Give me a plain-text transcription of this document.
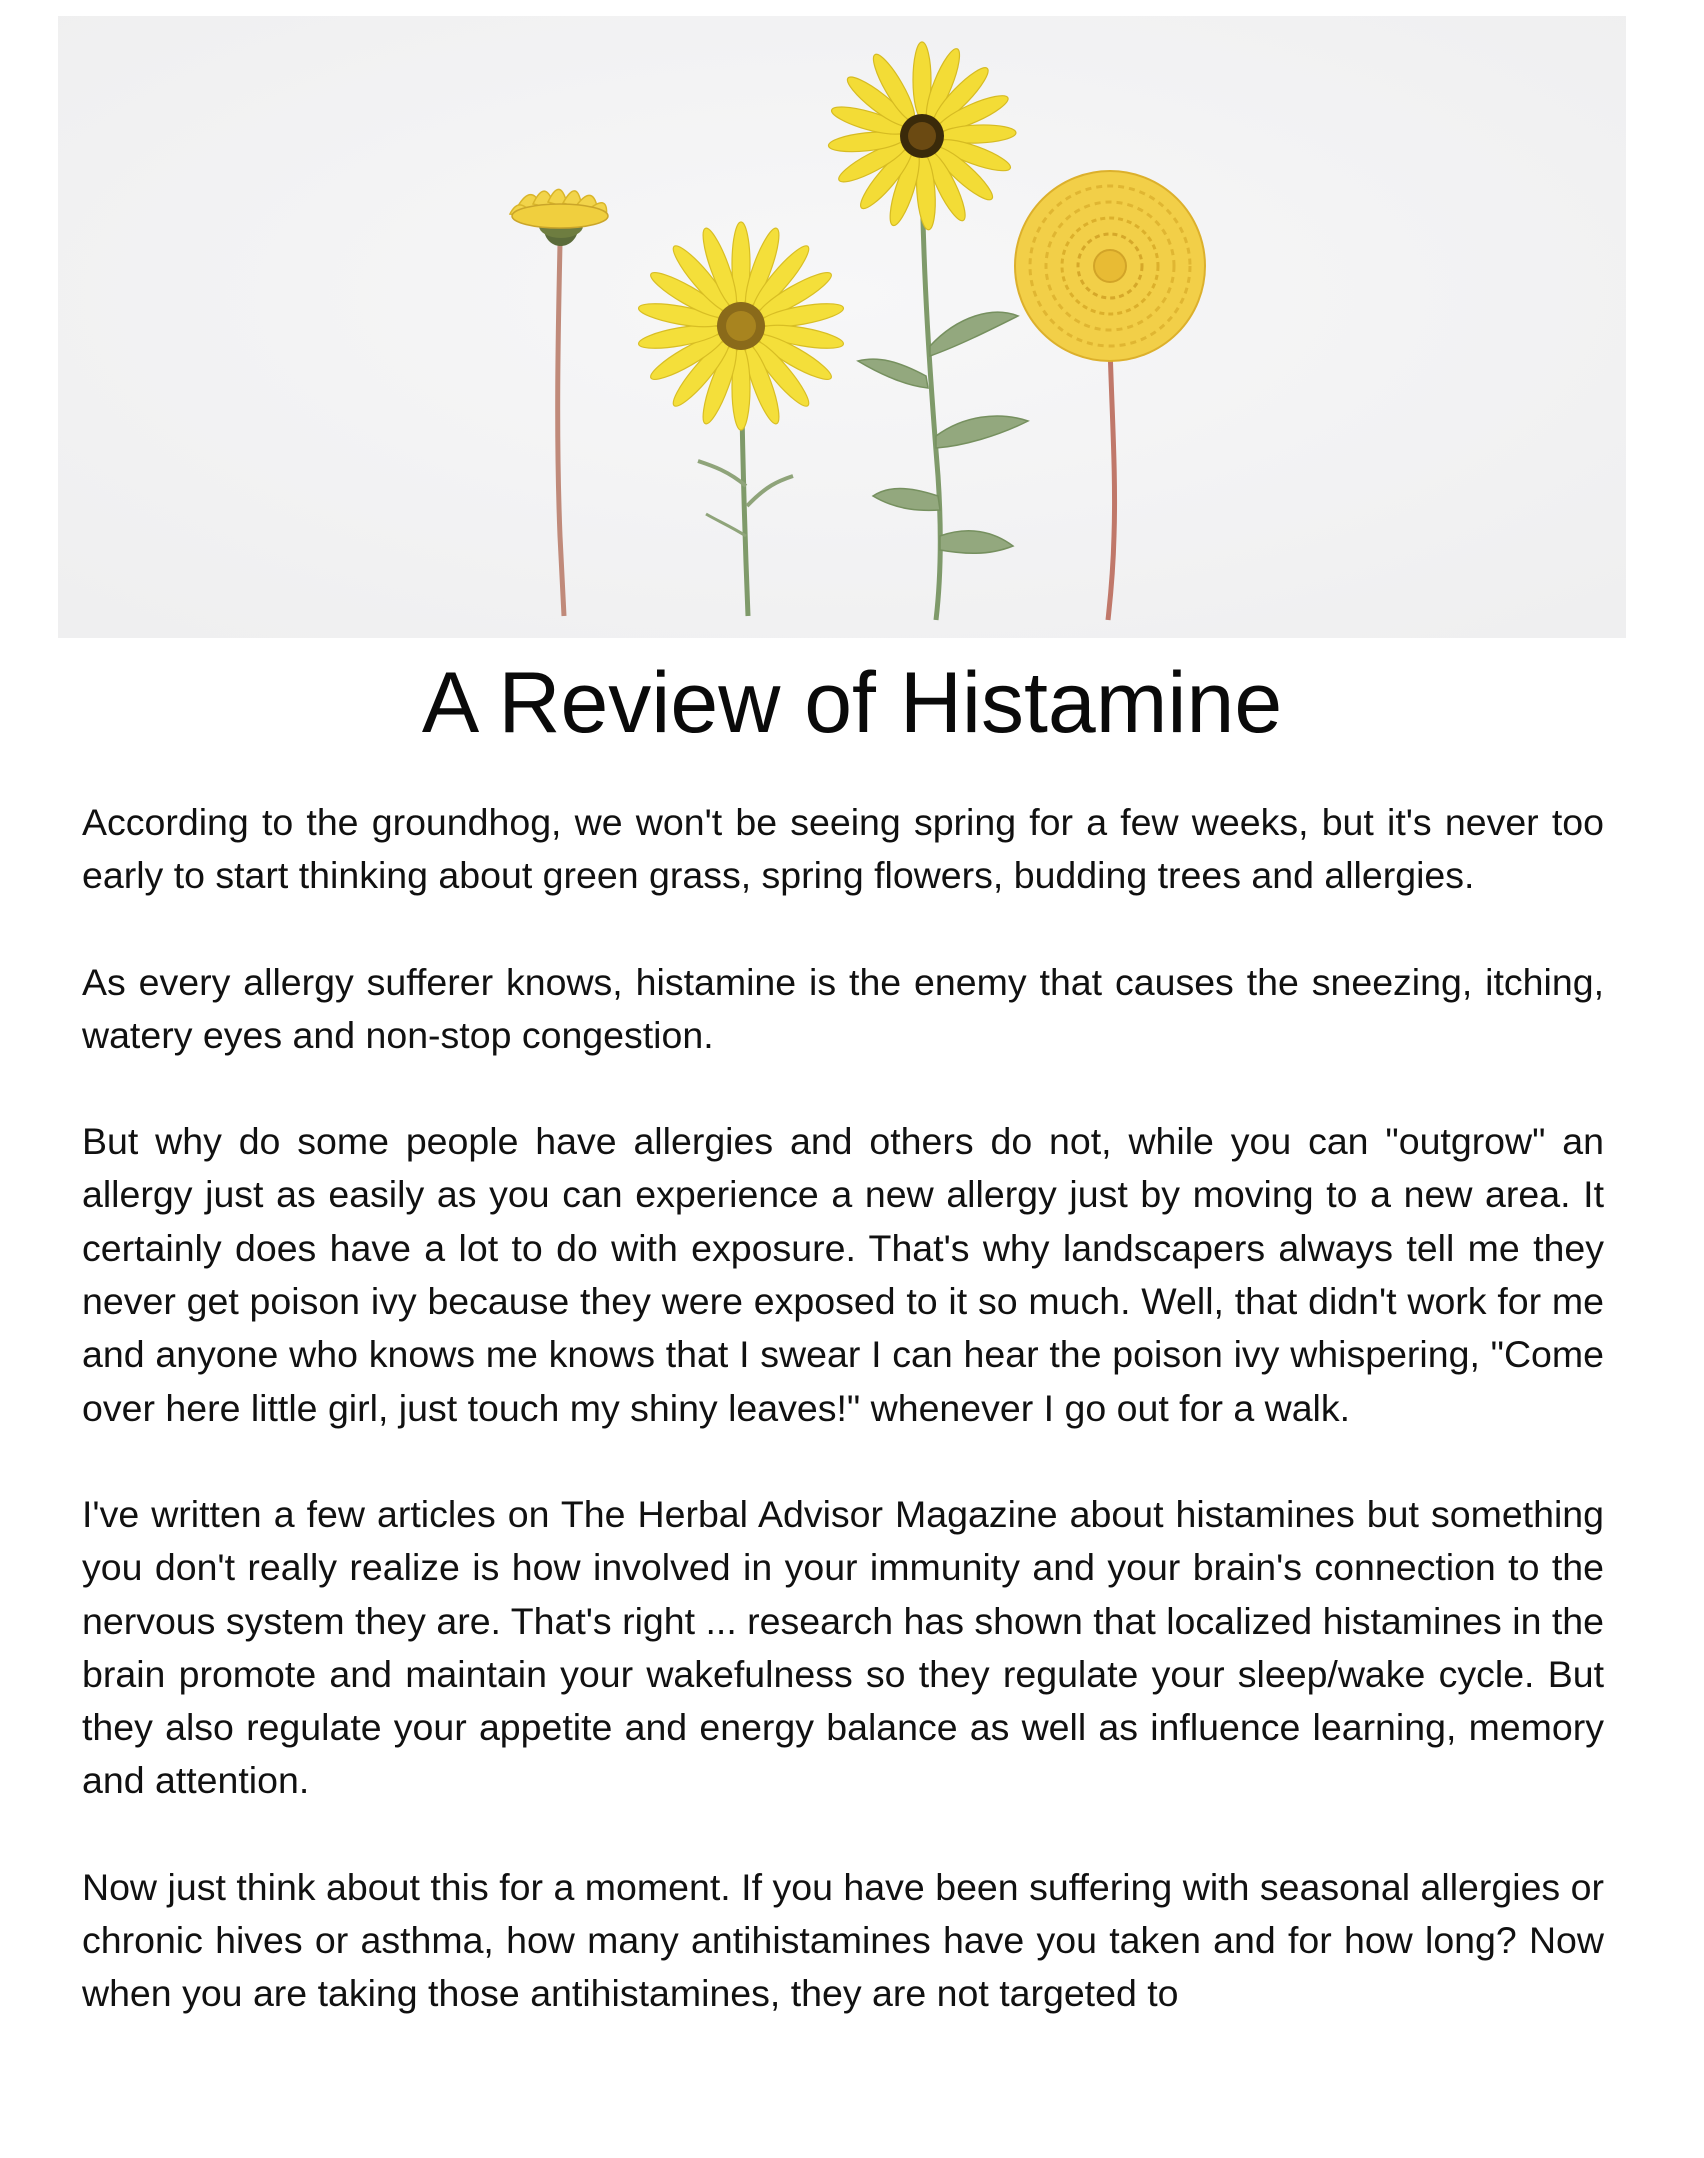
A Review of Histamine

According to the groundhog, we won't be seeing spring for a few weeks, but it's never too early to start thinking about green grass, spring flowers, budding trees and allergies.

As every allergy sufferer knows, histamine is the enemy that causes the sneezing, itching, watery eyes and non-stop congestion.

But why do some people have allergies and others do not, while you can "outgrow" an allergy just as easily as you can experience a new allergy just by moving to a new area. It certainly does have a lot to do with exposure. That's why landscapers always tell me they never get poison ivy because they were exposed to it so much. Well, that didn't work for me and anyone who knows me knows that I swear I can hear the poison ivy whispering, "Come over here little girl, just touch my shiny leaves!" whenever I go out for a walk.

I've written a few articles on The Herbal Advisor Magazine about histamines but something you don't really realize is how involved in your immunity and your brain's connection to the nervous system they are. That's right ... research has shown that localized histamines in the brain promote and maintain your wakefulness so they regulate your sleep/wake cycle. But they also regulate your appetite and energy balance as well as influence learning, memory and attention.

Now just think about this for a moment. If you have been suffering with seasonal allergies or chronic hives or asthma, how many antihistamines have you taken and for how long? Now when you are taking those antihistamines, they are not targeted to
